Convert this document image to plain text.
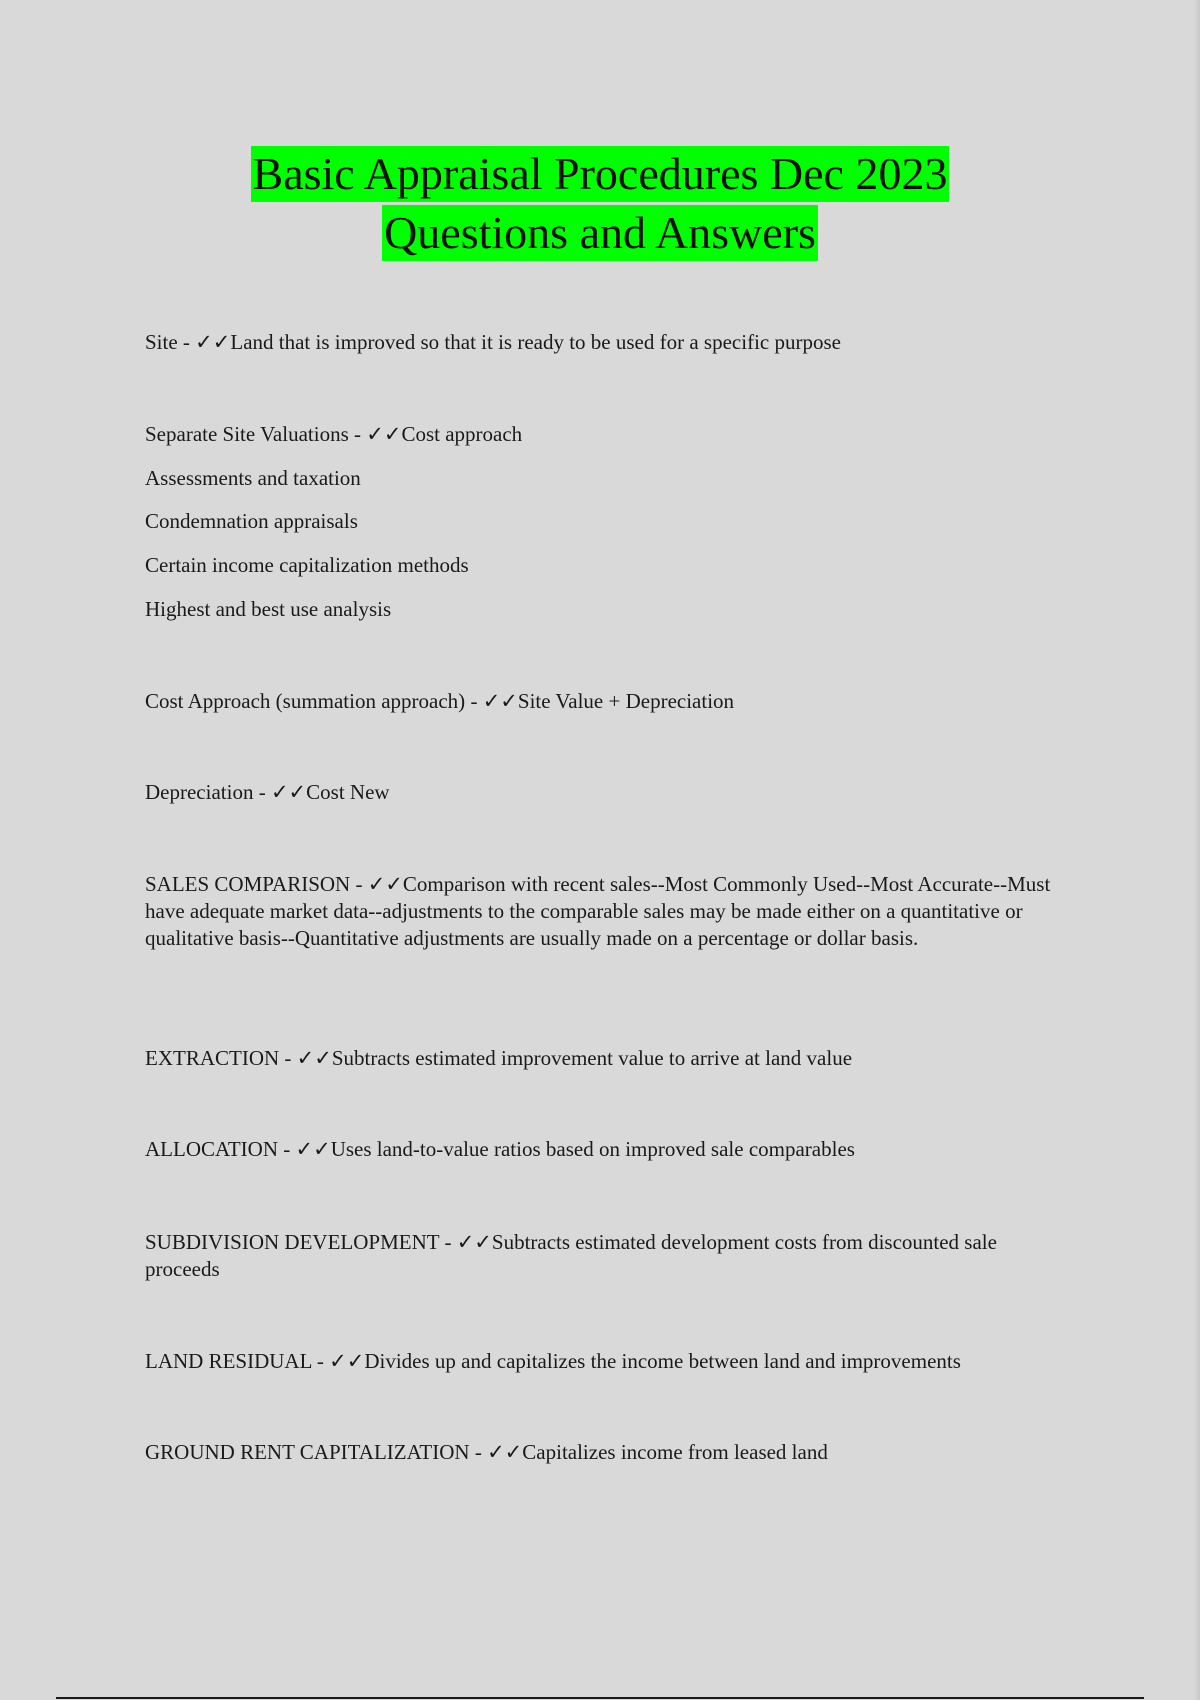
Basic Appraisal Procedures Dec 2023
Questions and Answers

Site - ✓✓Land that is improved so that it is ready to be used for a specific purpose

Separate Site Valuations - ✓✓Cost approach

Assessments and taxation

Condemnation appraisals

Certain income capitalization methods

Highest and best use analysis

Cost Approach (summation approach) - ✓✓Site Value + Depreciation

Depreciation - ✓✓Cost New

SALES COMPARISON - ✓✓Comparison with recent sales--Most Commonly Used--Most Accurate--Must have adequate market data--adjustments to the comparable sales may be made either on a quantitative or qualitative basis--Quantitative adjustments are usually made on a percentage or dollar basis.

EXTRACTION - ✓✓Subtracts estimated improvement value to arrive at land value

ALLOCATION - ✓✓Uses land-to-value ratios based on improved sale comparables

SUBDIVISION DEVELOPMENT - ✓✓Subtracts estimated development costs from discounted sale proceeds

LAND RESIDUAL - ✓✓Divides up and capitalizes the income between land and improvements

GROUND RENT CAPITALIZATION - ✓✓Capitalizes income from leased land
